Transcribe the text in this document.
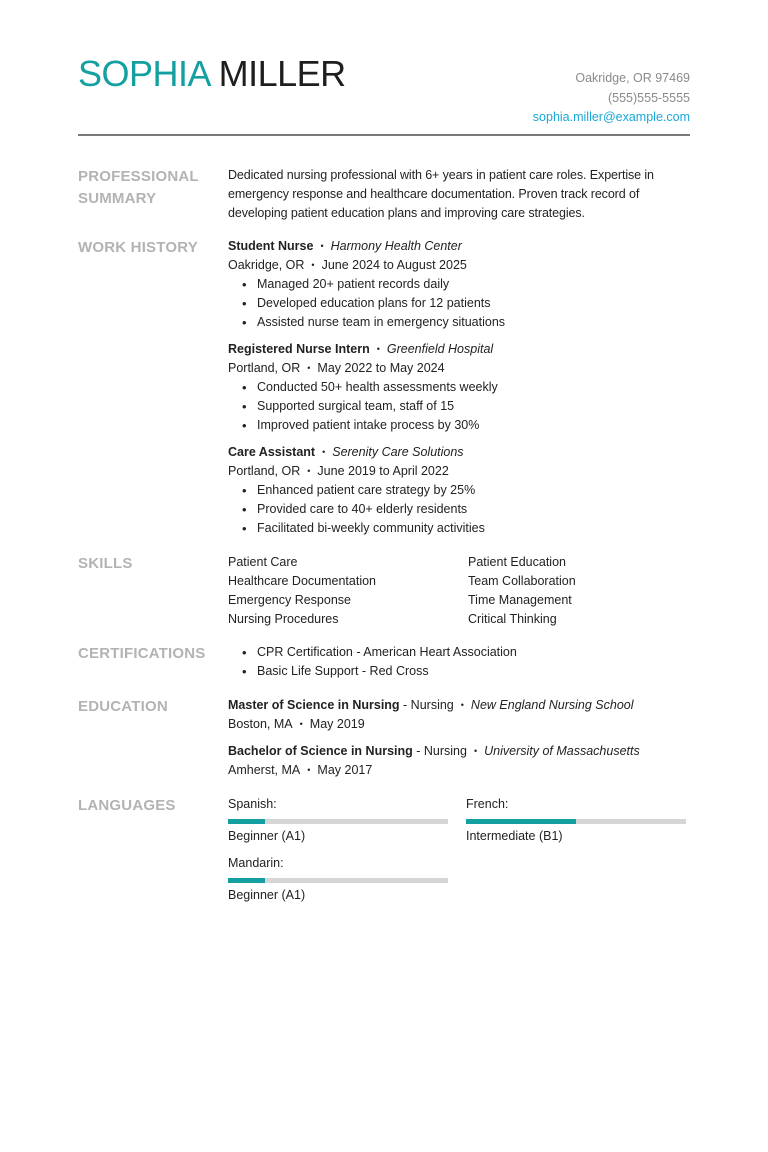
SOPHIA MILLER	Oakridge, OR 97469
(555)555-5555
sophia.miller@example.com
PROFESSIONAL
SUMMARY
Dedicated nursing professional with 6+ years in patient care roles. Expertise in emergency response and healthcare documentation. Proven track record of developing patient education plans and improving care strategies.
WORK HISTORY	Student Nurse • Harmony Health Center
Oakridge, OR • June 2024 to August 2025
• Managed 20+ patient records daily
• Developed education plans for 12 patients
• Assisted nurse team in emergency situations
Registered Nurse Intern • Greenfield Hospital
Portland, OR • May 2022 to May 2024
• Conducted 50+ health assessments weekly
• Supported surgical team, staff of 15
• Improved patient intake process by 30%
Care Assistant • Serenity Care Solutions
Portland, OR • June 2019 to April 2022
• Enhanced patient care strategy by 25%
• Provided care to 40+ elderly residents
• Facilitated bi-weekly community activities
SKILLS	Patient Care	Patient Education
Healthcare Documentation	Team Collaboration
Emergency Response	Time Management
Nursing Procedures	Critical Thinking
CERTIFICATIONS
•	CPR Certification - American Heart Association
• Basic Life Support - Red Cross
EDUCATION	Master of Science in Nursing - Nursing • New England Nursing School
Boston, MA • May 2019
Bachelor of Science in Nursing - Nursing • University of Massachusetts
Amherst, MA • May 2017
LANGUAGES	Spanish:
Beginner (A1)
French:
Intermediate (B1)
Mandarin:
Beginner (A1)
